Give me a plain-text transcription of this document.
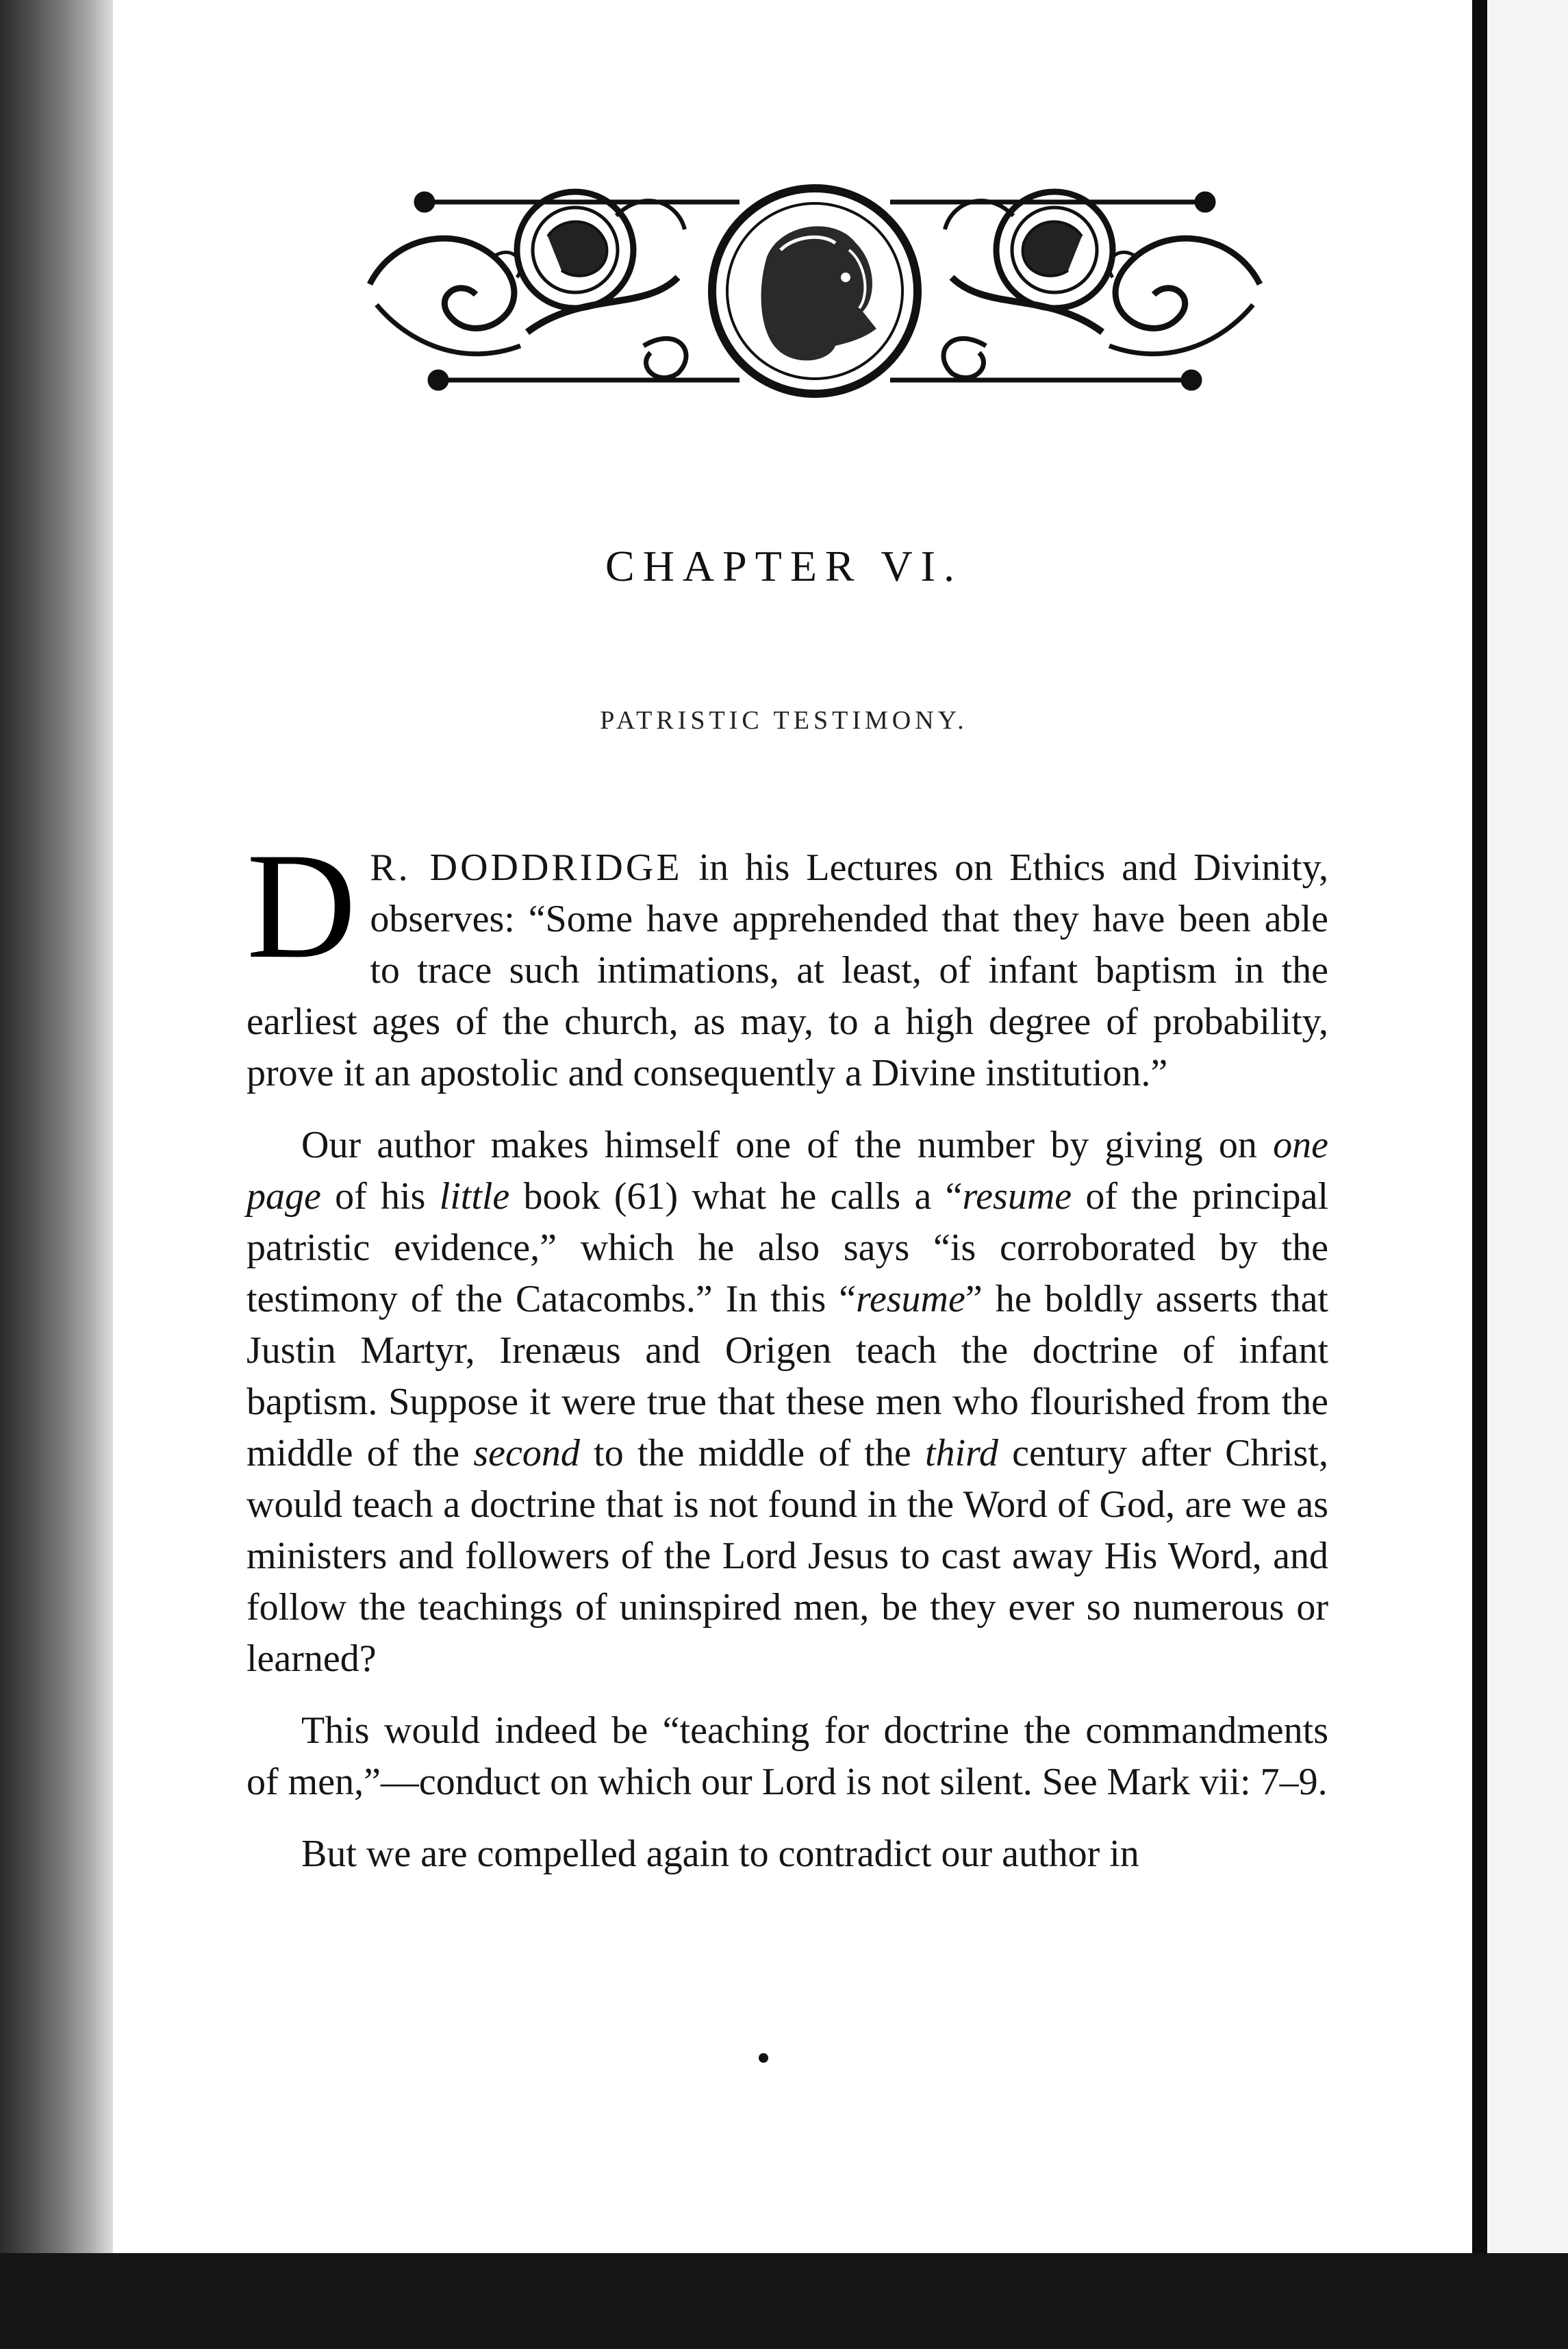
CHAPTER VI.
PATRISTIC TESTIMONY.

D R. DODDRIDGE in his Lectures on Ethics and Divinity, observes: “Some have apprehended that they have been able to trace such intimations, at least, of infant baptism in the earliest ages of the church, as may, to a high degree of probability, prove it an apostolic and consequently a Divine institution.”

Our author makes himself one of the number by giving on one page of his little book (61) what he calls a “resume of the principal patristic evidence,” which he also says “is corroborated by the testimony of the Catacombs.” In this “resume” he boldly asserts that Justin Martyr, Irenæus and Origen teach the doctrine of infant baptism. Suppose it were true that these men who flourished from the middle of the second to the middle of the third century after Christ, would teach a doctrine that is not found in the Word of God, are we as ministers and followers of the Lord Jesus to cast away His Word, and follow the teachings of uninspired men, be they ever so numerous or learned?

This would indeed be “teaching for doctrine the commandments of men,”—conduct on which our Lord is not silent. See Mark vii: 7–9.

But we are compelled again to contradict our author in
